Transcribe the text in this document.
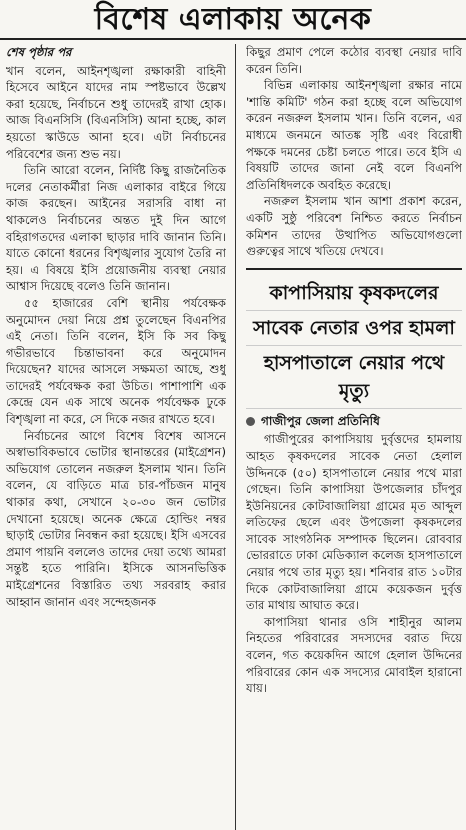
বিশেষ এলাকায় অনেক
শেষ পৃষ্ঠার পর

খান বলেন, আইনশৃঙ্খলা রক্ষাকারী বাহিনী হিসেবে আইনে যাদের নাম স্পষ্টভাবে উল্লেখ করা হয়েছে, নির্বাচনে শুধু তাদেরই রাখা হোক। আজ বিএনসিসি (বিএনসিসি) আনা হচ্ছে, কাল হয়তো স্কাউডে আনা হবে। এটা নির্বাচনের পরিবেশের জন্য শুভ নয়।

তিনি আরো বলেন, নির্দিষ্ট কিছু রাজনৈতিক দলের নেতাকর্মীরা নিজ এলাকার বাইরে গিয়ে কাজ করছেন। আইনের সরাসরি বাধা না থাকলেও নির্বাচনের অন্তত দুই দিন আগে বহিরাগতদের এলাকা ছাড়ার দাবি জানান তিনি। যাতে কোনো ধরনের বিশৃঙ্খলার সুযোগ তৈরি না হয়। এ বিষয়ে ইসি প্রয়োজনীয় ব্যবস্থা নেয়ার আশ্বাস দিয়েছে বলেও তিনি জানান।

৫৫ হাজারের বেশি স্থানীয় পর্যবেক্ষক অনুমোদন দেয়া নিয়ে প্রশ্ন তুলেছেন বিএনপির এই নেতা। তিনি বলেন, ইসি কি সব কিছু গভীরভাবে চিন্তাভাবনা করে অনুমোদন দিয়েছেন? যাদের আসলে সক্ষমতা আছে, শুধু তাদেরই পর্যবেক্ষক করা উচিত। পাশাপাশি এক কেন্দ্রে যেন এক সাথে অনেক পর্যবেক্ষক ঢুকে বিশৃঙ্খলা না করে, সে দিকে নজর রাখতে হবে।

নির্বাচনের আগে বিশেষ বিশেষ আসনে অস্বাভাবিকভাবে ভোটার স্থানান্তরের (মাইগ্রেশন) অভিযোগ তোলেন নজরুল ইসলাম খান। তিনি বলেন, যে বাড়িতে মাত্র চার-পাঁচজন মানুষ থাকার কথা, সেখানে ২০-৩০ জন ভোটার দেখানো হয়েছে। অনেক ক্ষেত্রে হোল্ডিং নম্বর ছাড়াই ভোটার নিবন্ধন করা হয়েছে। ইসি এসবের প্রমাণ পায়নি বললেও তাদের দেয়া তথ্যে আমরা সন্তুষ্ট হতে পারিনি। ইসিকে আসনভিত্তিক মাইগ্রেশনের বিস্তারিত তথ্য সরবরাহ করার আহ্বান জানান এবং সন্দেহজনক

কিছুর প্রমাণ পেলে কঠোর ব্যবস্থা নেয়ার দাবি করেন তিনি।

বিভিন্ন এলাকায় আইনশৃঙ্খলা রক্ষার নামে 'শান্তি কমিটি' গঠন করা হচ্ছে বলে অভিযোগ করেন নজরুল ইসলাম খান। তিনি বলেন, এর মাধ্যমে জনমনে আতঙ্ক সৃষ্টি এবং বিরোধী পক্ষকে দমনের চেষ্টা চলতে পারে। তবে ইসি এ বিষয়টি তাদের জানা নেই বলে বিএনপি প্রতিনিধিদলকে অবহিত করেছে।

নজরুল ইসলাম খান আশা প্রকাশ করেন, একটি সুষ্ঠু পরিবেশ নিশ্চিত করতে নির্বাচন কমিশন তাদের উত্থাপিত অভিযোগগুলো গুরুত্বের সাথে খতিয়ে দেখবে।

কাপাসিয়ায় কৃষকদলের
সাবেক নেতার ওপর হামলা
হাসপাতালে নেয়ার পথে মৃত্যু
গাজীপুর জেলা প্রতিনিধি

গাজীপুরের কাপাসিয়ায় দুর্বৃত্তদের হামলায় আহত কৃষকদলের সাবেক নেতা হেলাল উদ্দিনকে (৫০) হাসপাতালে নেয়ার পথে মারা গেছেন। তিনি কাপাসিয়া উপজেলার চাঁদপুর ইউনিয়নের কোটবাজালিয়া গ্রামের মৃত আব্দুল লতিফের ছেলে এবং উপজেলা কৃষকদলের সাবেক সাংগঠনিক সম্পাদক ছিলেন। রোববার ভোররাতে ঢাকা মেডিক্যাল কলেজ হাসপাতালে নেয়ার পথে তার মৃত্যু হয়। শনিবার রাত ১০টার দিকে কোটবাজালিয়া গ্রামে কয়েকজন দুর্বৃত্ত তার মাথায় আঘাত করে।

কাপাসিয়া থানার ওসি শাহীনুর আলম নিহতের পরিবারের সদস্যদের বরাত দিয়ে বলেন, গত কয়েকদিন আগে হেলাল উদ্দিনের পরিবারের কোন এক সদস্যের মোবাইল হারানো যায়।
